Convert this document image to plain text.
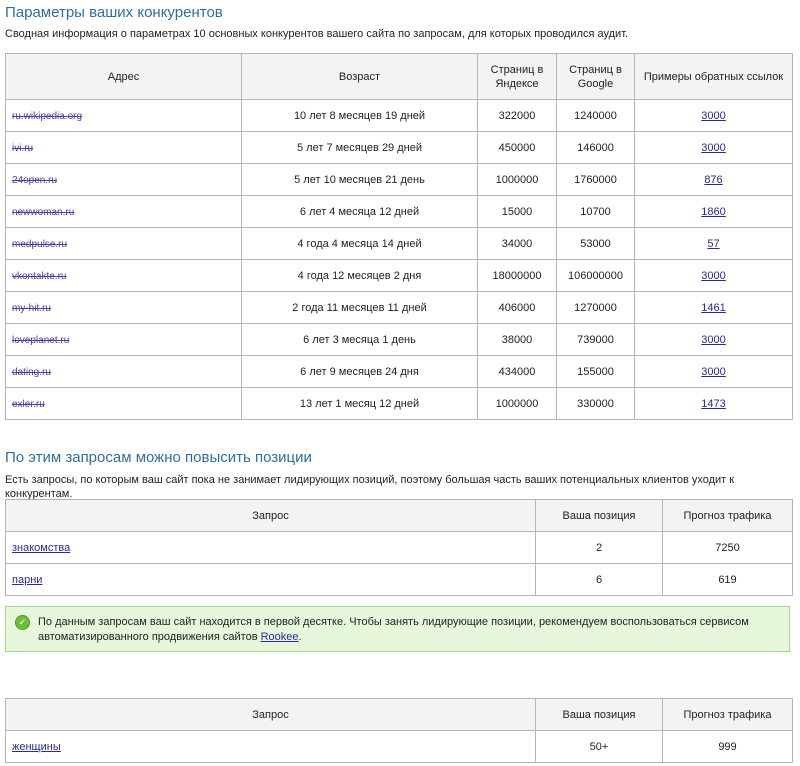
Параметры ваших конкурентов
Сводная информация о параметрах 10 основных конкурентов вашего сайта по запросам, для которых проводился аудит.
Адрес	Возраст	Страниц в Яндексе	Страниц в Google	Примеры обратных ссылок
ru.wikipedia.org	10 лет 8 месяцев 19 дней	322000	1240000	3000
ivi.ru	5 лет 7 месяцев 29 дней	450000	146000	3000
24open.ru	5 лет 10 месяцев 21 день	1000000	1760000	876
newwoman.ru	6 лет 4 месяца 12 дней	15000	10700	1860
medpulse.ru	4 года 4 месяца 14 дней	34000	53000	57
vkontakte.ru	4 года 12 месяцев 2 дня	18000000	106000000	3000
my-hit.ru	2 года 11 месяцев 11 дней	406000	1270000	1461
loveplanet.ru	6 лет 3 месяца 1 день	38000	739000	3000
dating.ru	6 лет 9 месяцев 24 дня	434000	155000	3000
exler.ru	13 лет 1 месяц 12 дней	1000000	330000	1473
По этим запросам можно повысить позиции
Есть запросы, по которым ваш сайт пока не занимает лидирующих позиций, поэтому большая часть ваших потенциальных клиентов уходит к конкурентам.
Запрос	Ваша позиция	Прогноз трафика
знакомства	2	7250
парни	6	619
✓	По данным запросам ваш сайт находится в первой десятке. Чтобы занять лидирующие позиции, рекомендуем воспользоваться сервисом автоматизированного продвижения сайтов Rookee.
Запрос	Ваша позиция	Прогноз трафика
женщины	50+	999
